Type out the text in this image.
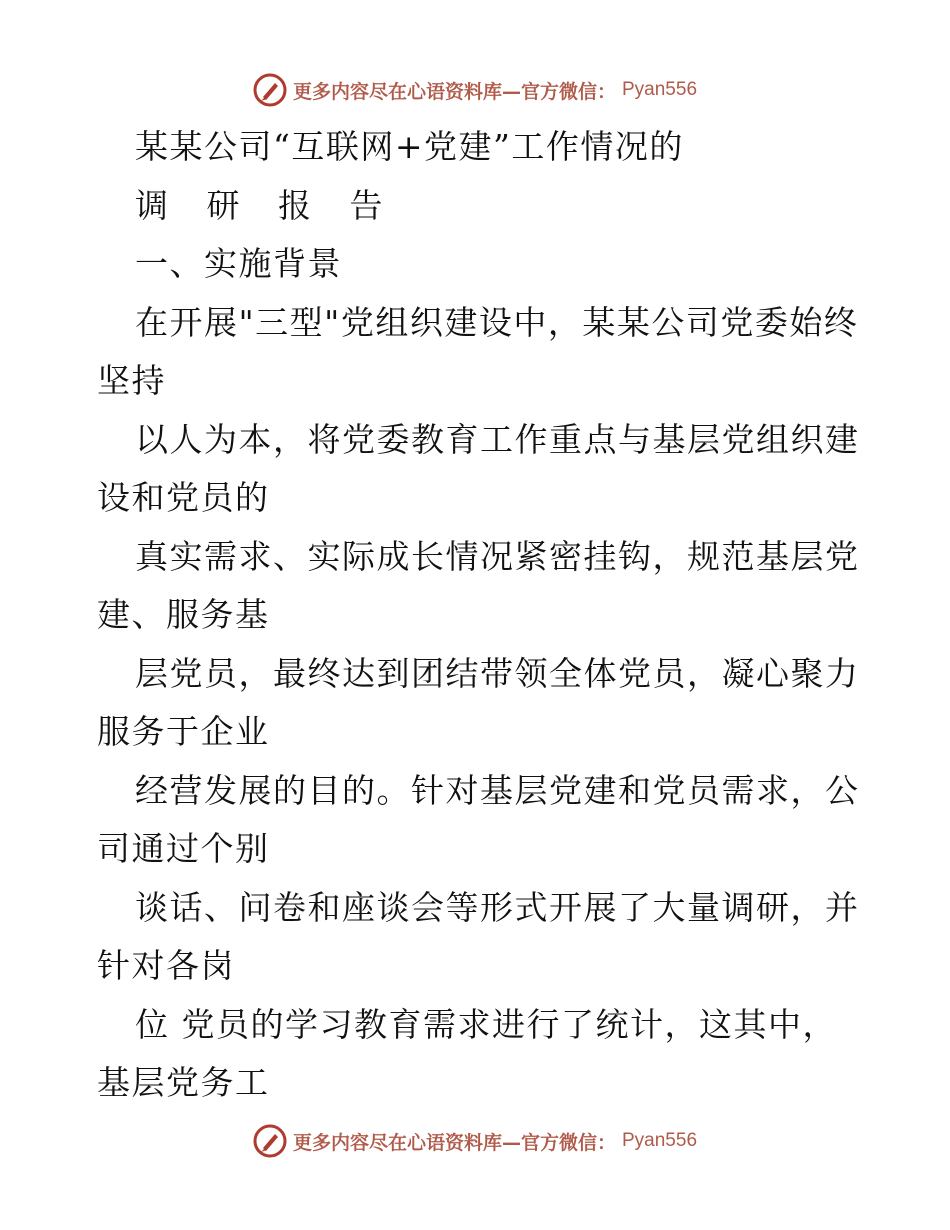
更多内容尽在心语资料库—官方微信： Pyan556
某某公司“互联网+党建”工作情况的
调 研 报 告
一、实施背景
在开展"三型"党组织建设中，某某公司党委始终
坚持
以人为本，将党委教育工作重点与基层党组织建
设和党员的
真实需求、实际成长情况紧密挂钩，规范基层党
建、服务基
层党员，最终达到团结带领全体党员，凝心聚力
服务于企业
经营发展的目的。针对基层党建和党员需求，公
司通过个别
谈话、问卷和座谈会等形式开展了大量调研，并
针对各岗
位 党员的学习教育需求进行了统计，这其中，
基层党务工
更多内容尽在心语资料库—官方微信： Pyan556
